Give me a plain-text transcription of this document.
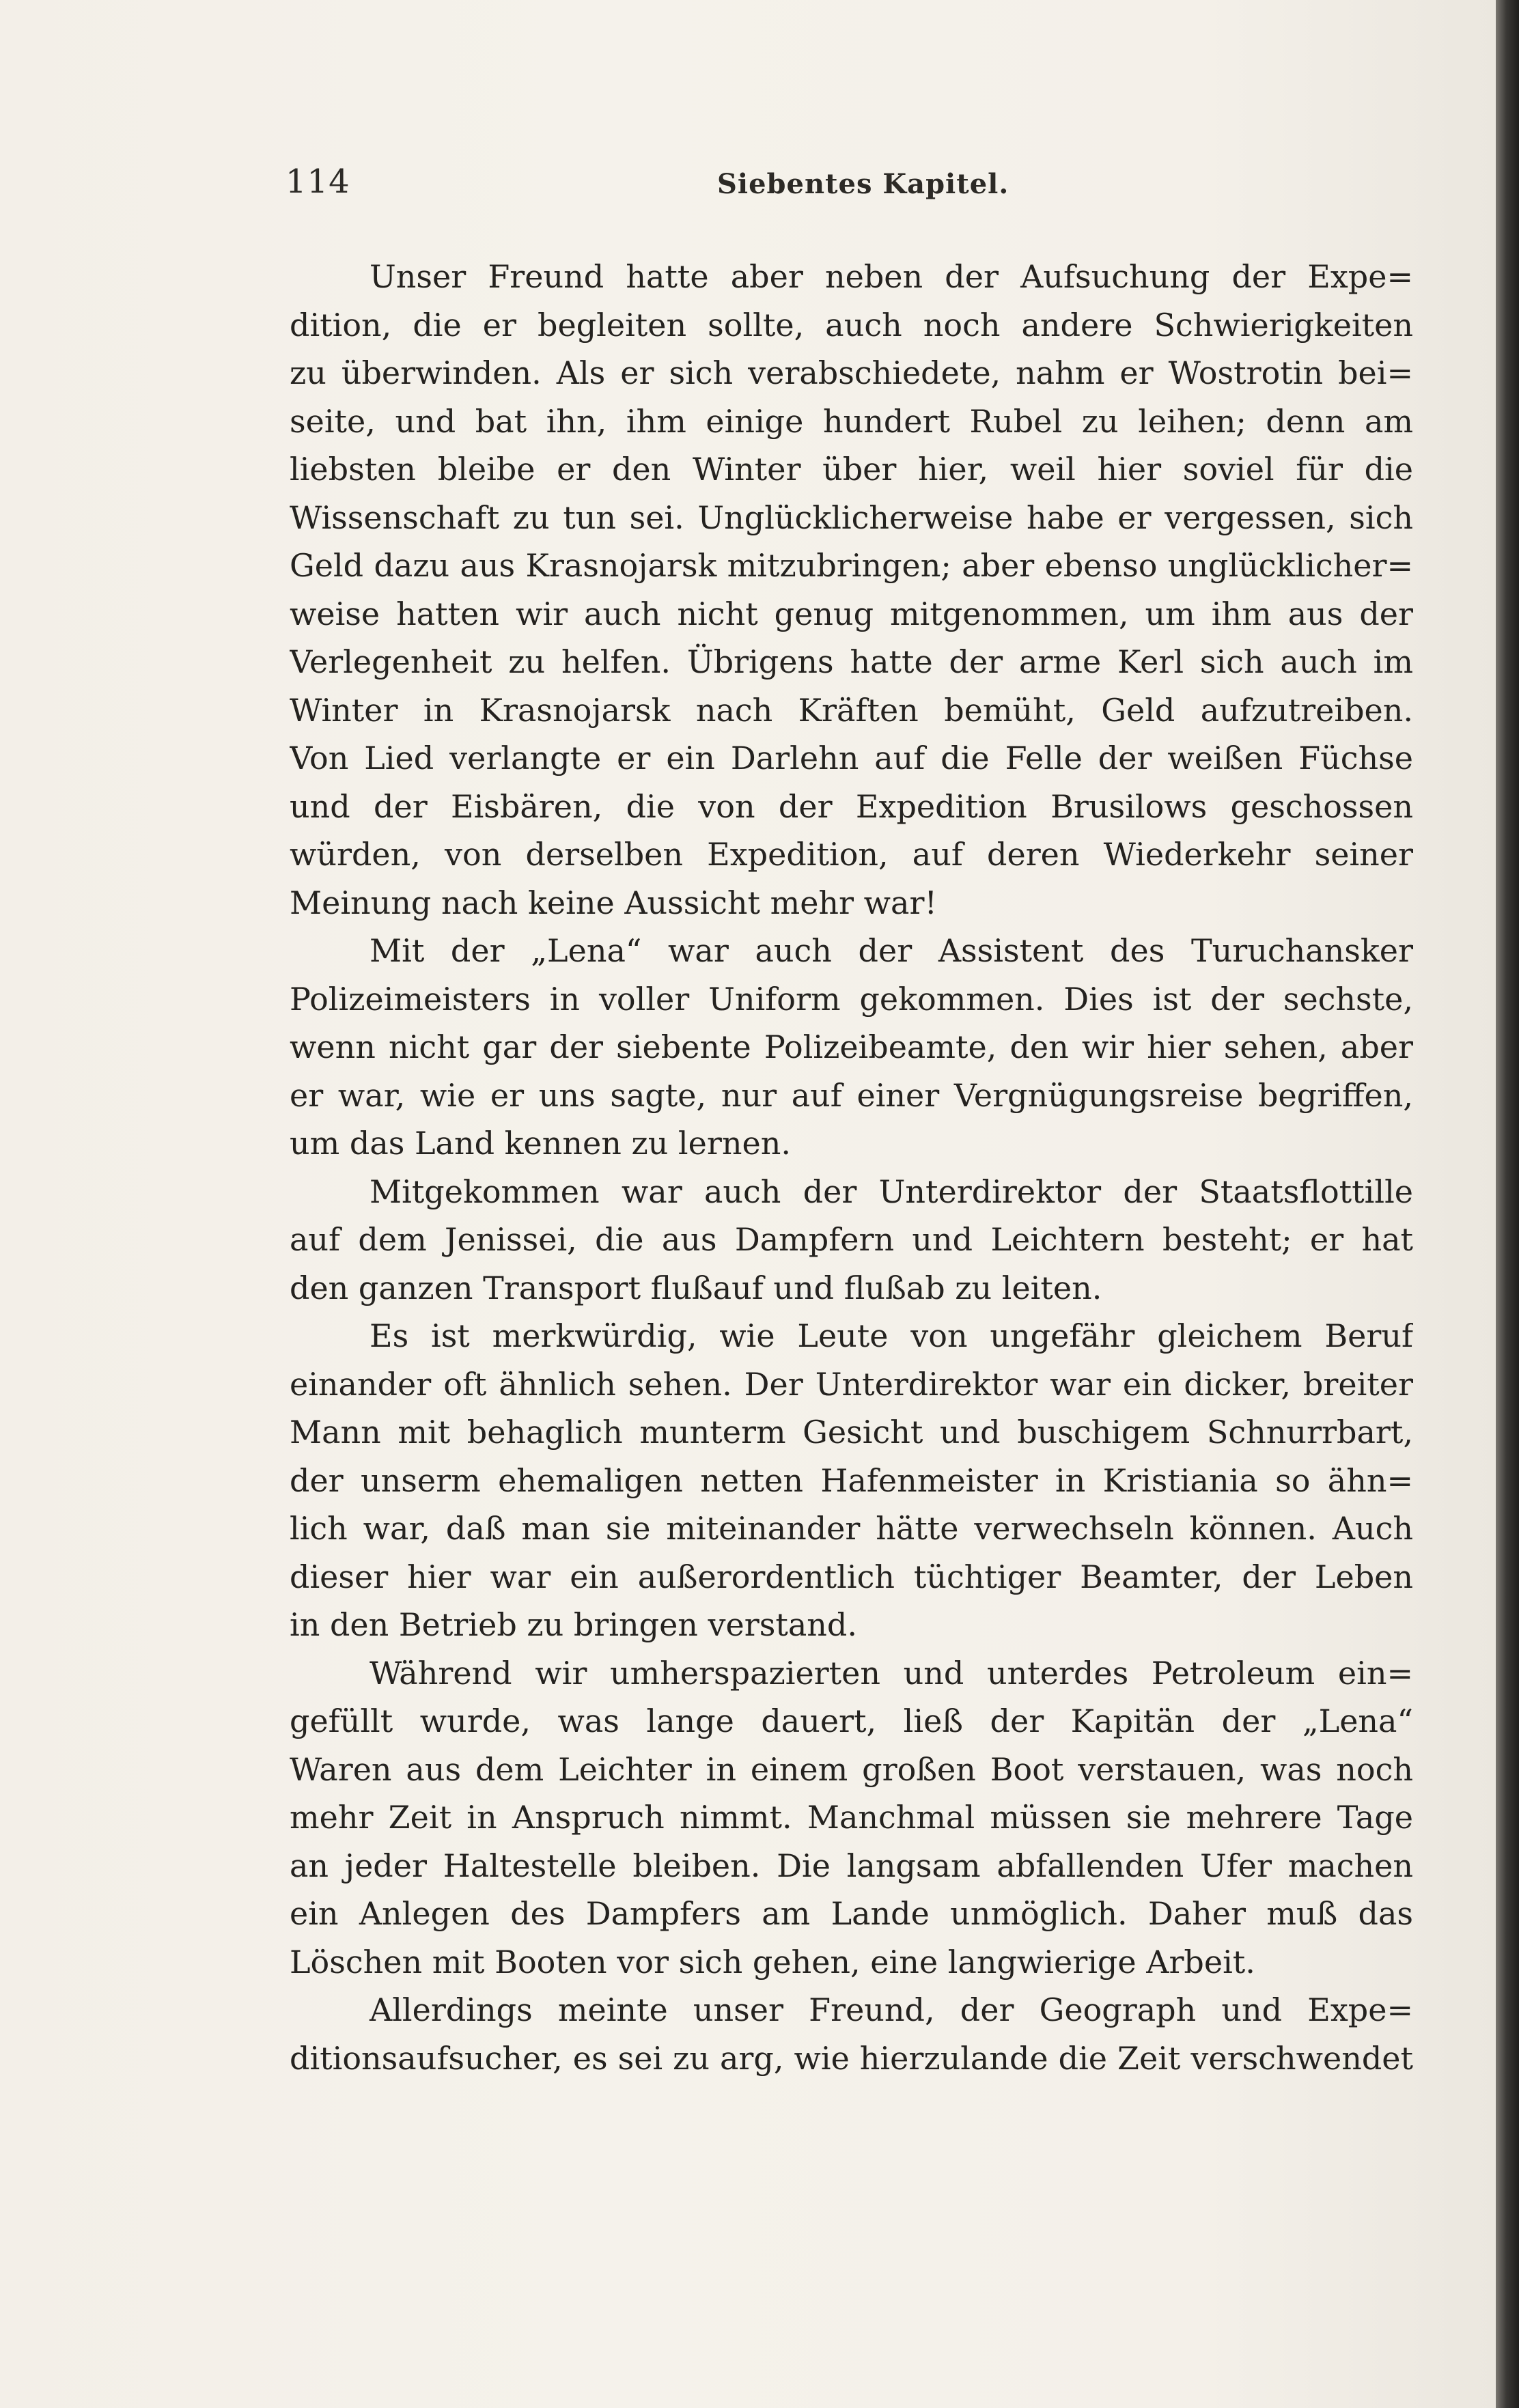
114	Siebentes Kapitel.
Unser Freund hatte aber neben der Aufsuchung der Expe=
dition, die er begleiten sollte, auch noch andere Schwierigkeiten
zu überwinden. Als er sich verabschiedete, nahm er Wostrotin bei=
seite, und bat ihn, ihm einige hundert Rubel zu leihen; denn am
liebsten bleibe er den Winter über hier, weil hier soviel für die
Wissenschaft zu tun sei. Unglücklicherweise habe er vergessen, sich
Geld dazu aus Krasnojarsk mitzubringen; aber ebenso unglücklicher=
weise hatten wir auch nicht genug mitgenommen, um ihm aus der
Verlegenheit zu helfen. Übrigens hatte der arme Kerl sich auch im
Winter in Krasnojarsk nach Kräften bemüht, Geld aufzutreiben.
Von Lied verlangte er ein Darlehn auf die Felle der weißen Füchse
und der Eisbären, die von der Expedition Brusilows geschossen
würden, von derselben Expedition, auf deren Wiederkehr seiner
Meinung nach keine Aussicht mehr war!
Mit der „Lena“ war auch der Assistent des Turuchansker
Polizeimeisters in voller Uniform gekommen. Dies ist der sechste,
wenn nicht gar der siebente Polizeibeamte, den wir hier sehen, aber
er war, wie er uns sagte, nur auf einer Vergnügungsreise begriffen,
um das Land kennen zu lernen.
Mitgekommen war auch der Unterdirektor der Staatsflottille
auf dem Jenissei, die aus Dampfern und Leichtern besteht; er hat
den ganzen Transport flußauf und flußab zu leiten.
Es ist merkwürdig, wie Leute von ungefähr gleichem Beruf
einander oft ähnlich sehen. Der Unterdirektor war ein dicker, breiter
Mann mit behaglich munterm Gesicht und buschigem Schnurrbart,
der unserm ehemaligen netten Hafenmeister in Kristiania so ähn=
lich war, daß man sie miteinander hätte verwechseln können. Auch
dieser hier war ein außerordentlich tüchtiger Beamter, der Leben
in den Betrieb zu bringen verstand.
Während wir umherspazierten und unterdes Petroleum ein=
gefüllt wurde, was lange dauert, ließ der Kapitän der „Lena“
Waren aus dem Leichter in einem großen Boot verstauen, was noch
mehr Zeit in Anspruch nimmt. Manchmal müssen sie mehrere Tage
an jeder Haltestelle bleiben. Die langsam abfallenden Ufer machen
ein Anlegen des Dampfers am Lande unmöglich. Daher muß das
Löschen mit Booten vor sich gehen, eine langwierige Arbeit.
Allerdings meinte unser Freund, der Geograph und Expe=
ditionsaufsucher, es sei zu arg, wie hierzulande die Zeit verschwendet
